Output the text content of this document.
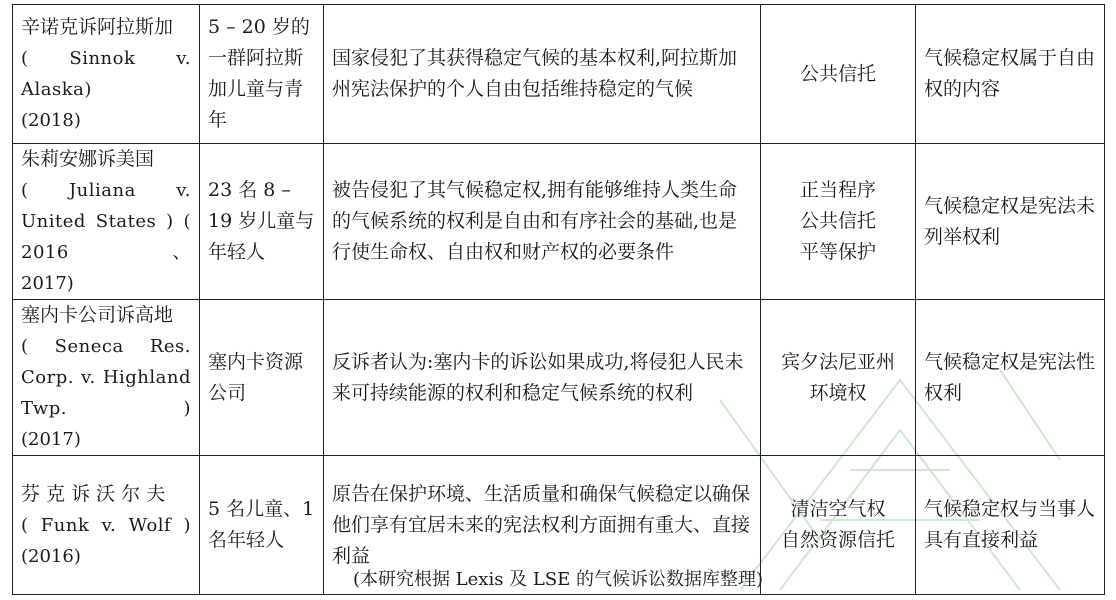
辛诺克诉阿拉斯加
( Sinnok v. Alaska)
(2018)	5 – 20 岁的一群阿拉斯加儿童与青年	国家侵犯了其获得稳定气候的基本权利,阿拉斯加州宪法保护的个人自由包括维持稳定的气候	公共信托	气候稳定权属于自由权的内容

朱莉安娜诉美国
( Juliana v. United States ) ( 2016、
2017)	23 名 8 – 19 岁儿童与年轻人	被告侵犯了其气候稳定权,拥有能够维持人类生命的气候系统的权利是自由和有序社会的基础,也是行使生命权、自由权和财产权的必要条件	正当程序
公共信托
平等保护	气候稳定权是宪法未列举权利

塞内卡公司诉高地
( Seneca Res. Corp. v. Highland Twp. )
(2017)	塞内卡资源公司	反诉者认为:塞内卡的诉讼如果成功,将侵犯人民未来可持续能源的权利和稳定气候系统的权利	宾夕法尼亚州
环境权	气候稳定权是宪法性权利

芬 克 诉 沃 尔 夫
( Funk v. Wolf )
(2016)	5 名儿童、1 名年轻人	原告在保护环境、生活质量和确保气候稳定以确保他们享有宜居未来的宪法权利方面拥有重大、直接利益	清洁空气权
自然资源信托	气候稳定权与当事人具有直接利益
(本研究根据 Lexis 及 LSE 的气候诉讼数据库整理)
